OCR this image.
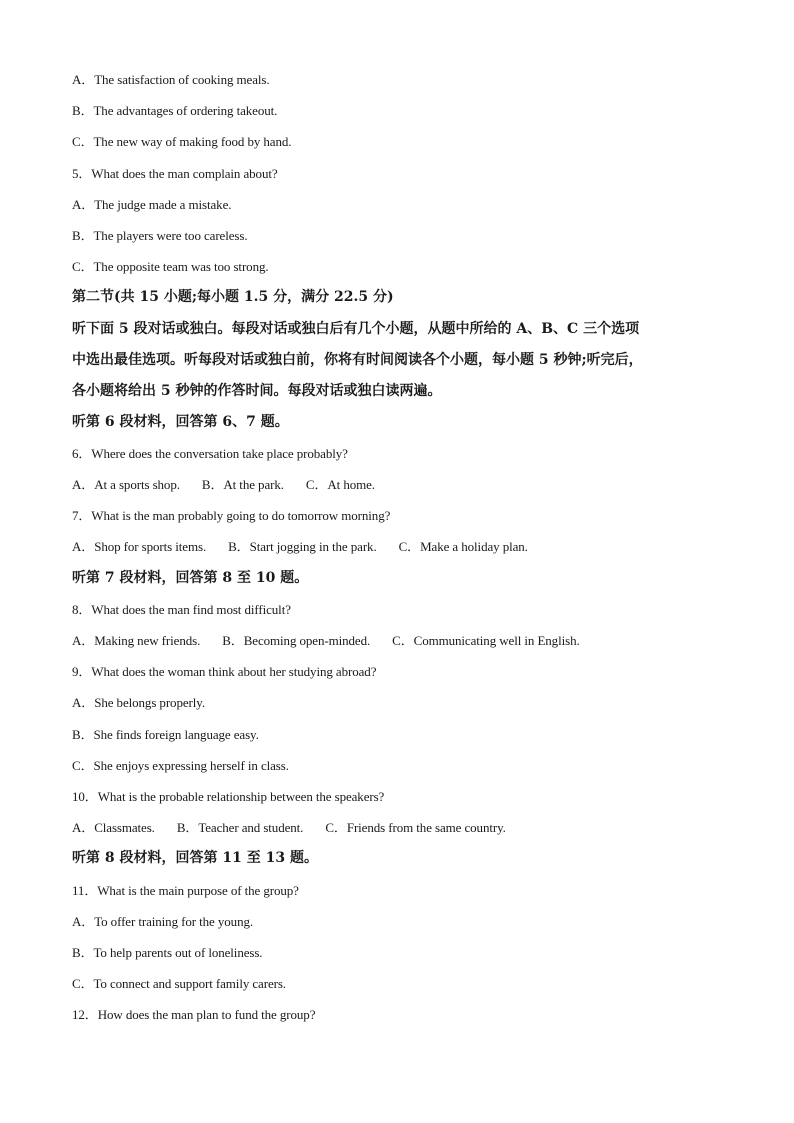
A．The satisfaction of cooking meals.
B．The advantages of ordering takeout.
C．The new way of making food by hand.
5．What does the man complain about?
A．The judge made a mistake.
B．The players were too careless.
C．The opposite team was too strong.
第二节(共 15 小题;每小题 1.5 分，满分 22.5 分)
听下面 5 段对话或独白。每段对话或独白后有几个小题，从题中所给的 A、B、C 三个选项
中选出最佳选项。听每段对话或独白前，你将有时间阅读各个小题，每小题 5 秒钟;听完后，
各小题将给出 5 秒钟的作答时间。每段对话或独白读两遍。
听第 6 段材料，回答第 6、7 题。
6．Where does the conversation take place probably?
A．At a sports shop. B．At the park. C．At home.
7．What is the man probably going to do tomorrow morning?
A．Shop for sports items. B．Start jogging in the park. C．Make a holiday plan.
听第 7 段材料，回答第 8 至 10 题。
8．What does the man find most difficult?
A．Making new friends. B．Becoming open-minded. C．Communicating well in English.
9．What does the woman think about her studying abroad?
A．She belongs properly.
B．She finds foreign language easy.
C．She enjoys expressing herself in class.
10．What is the probable relationship between the speakers?
A．Classmates. B．Teacher and student. C．Friends from the same country.
听第 8 段材料，回答第 11 至 13 题。
11．What is the main purpose of the group?
A．To offer training for the young.
B．To help parents out of loneliness.
C．To connect and support family carers.
12．How does the man plan to fund the group?
